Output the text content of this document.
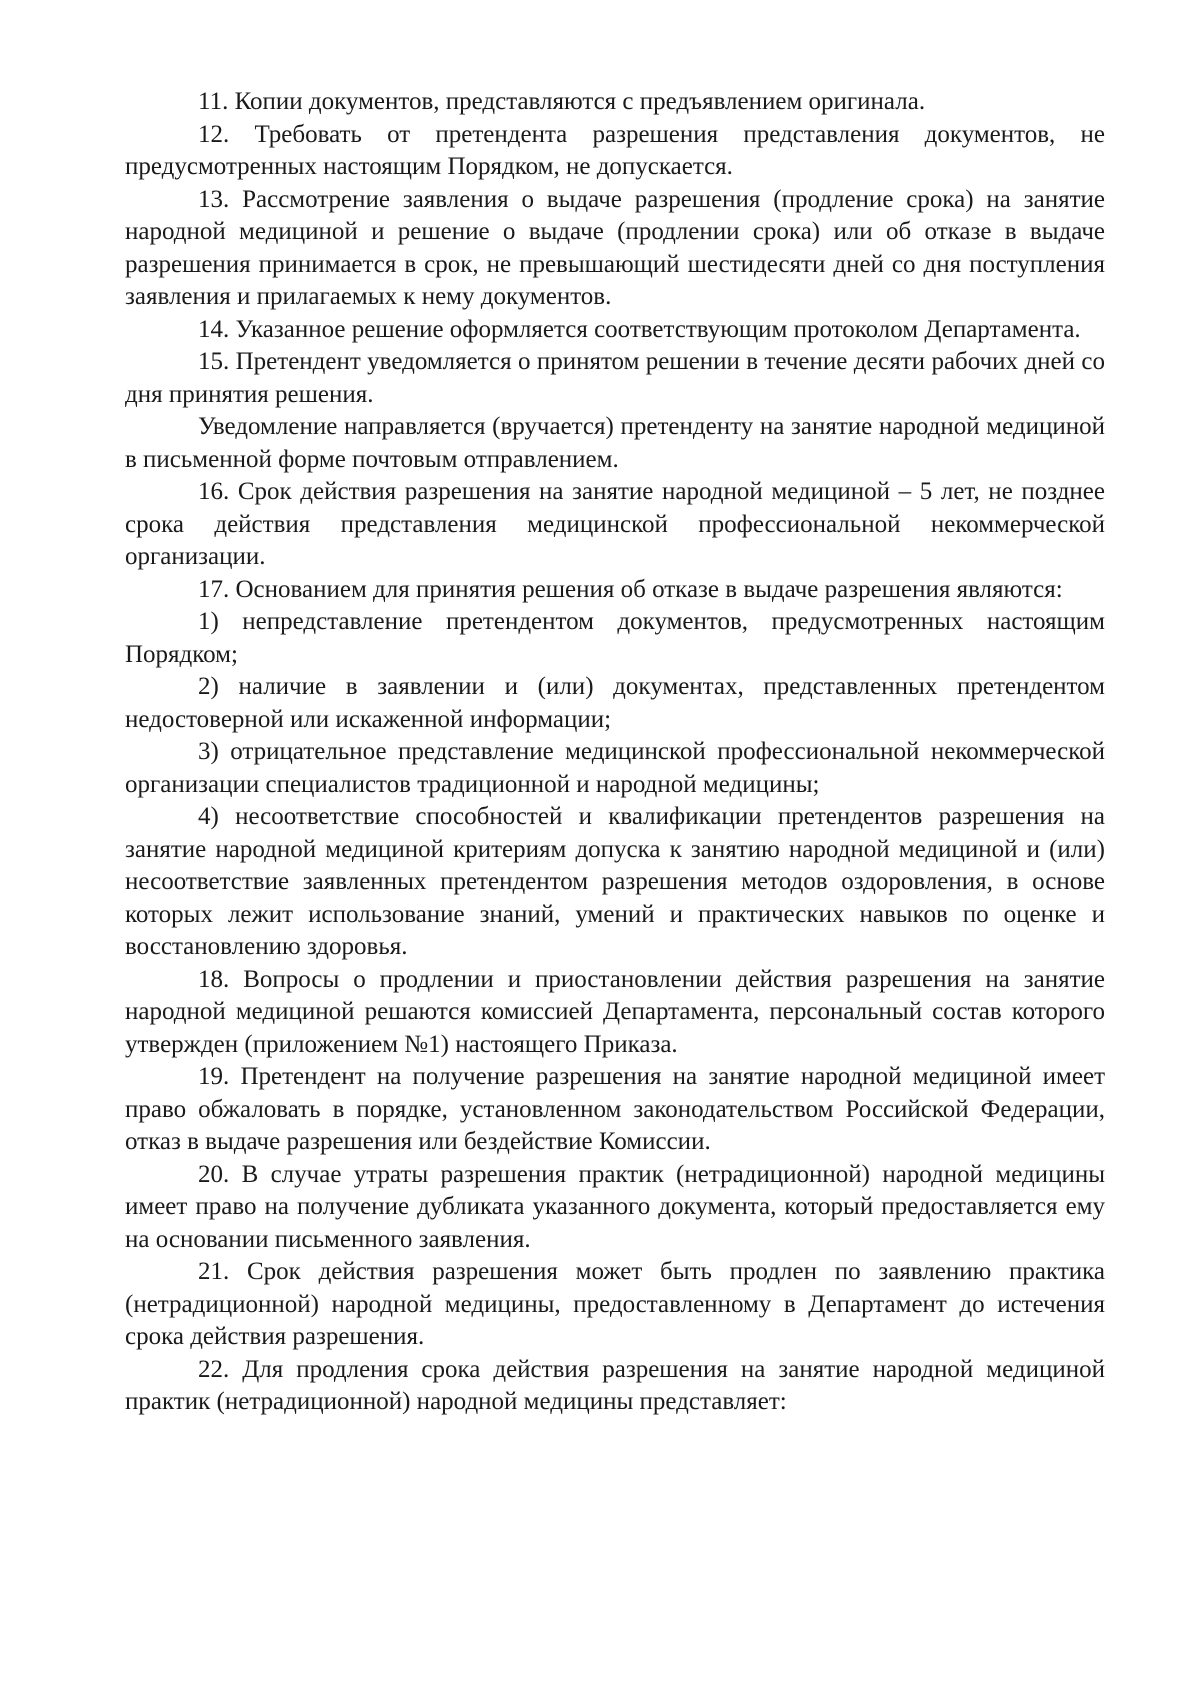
11. Копии документов, представляются с предъявлением оригинала.

12. Требовать от претендента разрешения представления документов, не предусмотренных настоящим Порядком, не допускается.

13. Рассмотрение заявления о выдаче разрешения (продление срока) на занятие народной медициной и решение о выдаче (продлении срока) или об отказе в выдаче разрешения принимается в срок, не превышающий шестидесяти дней со дня поступления заявления и прилагаемых к нему документов.

14. Указанное решение оформляется соответствующим протоколом Департамента.

15. Претендент уведомляется о принятом решении в течение десяти рабочих дней со дня принятия решения.

Уведомление направляется (вручается) претенденту на занятие народной медициной в письменной форме почтовым отправлением.

16. Срок действия разрешения на занятие народной медициной – 5 лет, не позднее срока действия представления медицинской профессиональной некоммерческой организации.

17. Основанием для принятия решения об отказе в выдаче разрешения являются:

1) непредставление претендентом документов, предусмотренных настоящим Порядком;

2) наличие в заявлении и (или) документах, представленных претендентом недостоверной или искаженной информации;

3) отрицательное представление медицинской профессиональной некоммерческой организации специалистов традиционной и народной медицины;

4) несоответствие способностей и квалификации претендентов разрешения на занятие народной медициной критериям допуска к занятию народной медициной и (или) несоответствие заявленных претендентом разрешения методов оздоровления, в основе которых лежит использование знаний, умений и практических навыков по оценке и восстановлению здоровья.

18. Вопросы о продлении и приостановлении действия разрешения на занятие народной медициной решаются комиссией Департамента, персональный состав которого утвержден (приложением №1) настоящего Приказа.

19. Претендент на получение разрешения на занятие народной медициной имеет право обжаловать в порядке, установленном законодательством Российской Федерации, отказ в выдаче разрешения или бездействие Комиссии.

20. В случае утраты разрешения практик (нетрадиционной) народной медицины имеет право на получение дубликата указанного документа, который предоставляется ему на основании письменного заявления.

21. Срок действия разрешения может быть продлен по заявлению практика (нетрадиционной) народной медицины, предоставленному в Департамент до истечения срока действия разрешения.

22. Для продления срока действия разрешения на занятие народной медициной практик (нетрадиционной) народной медицины представляет:
